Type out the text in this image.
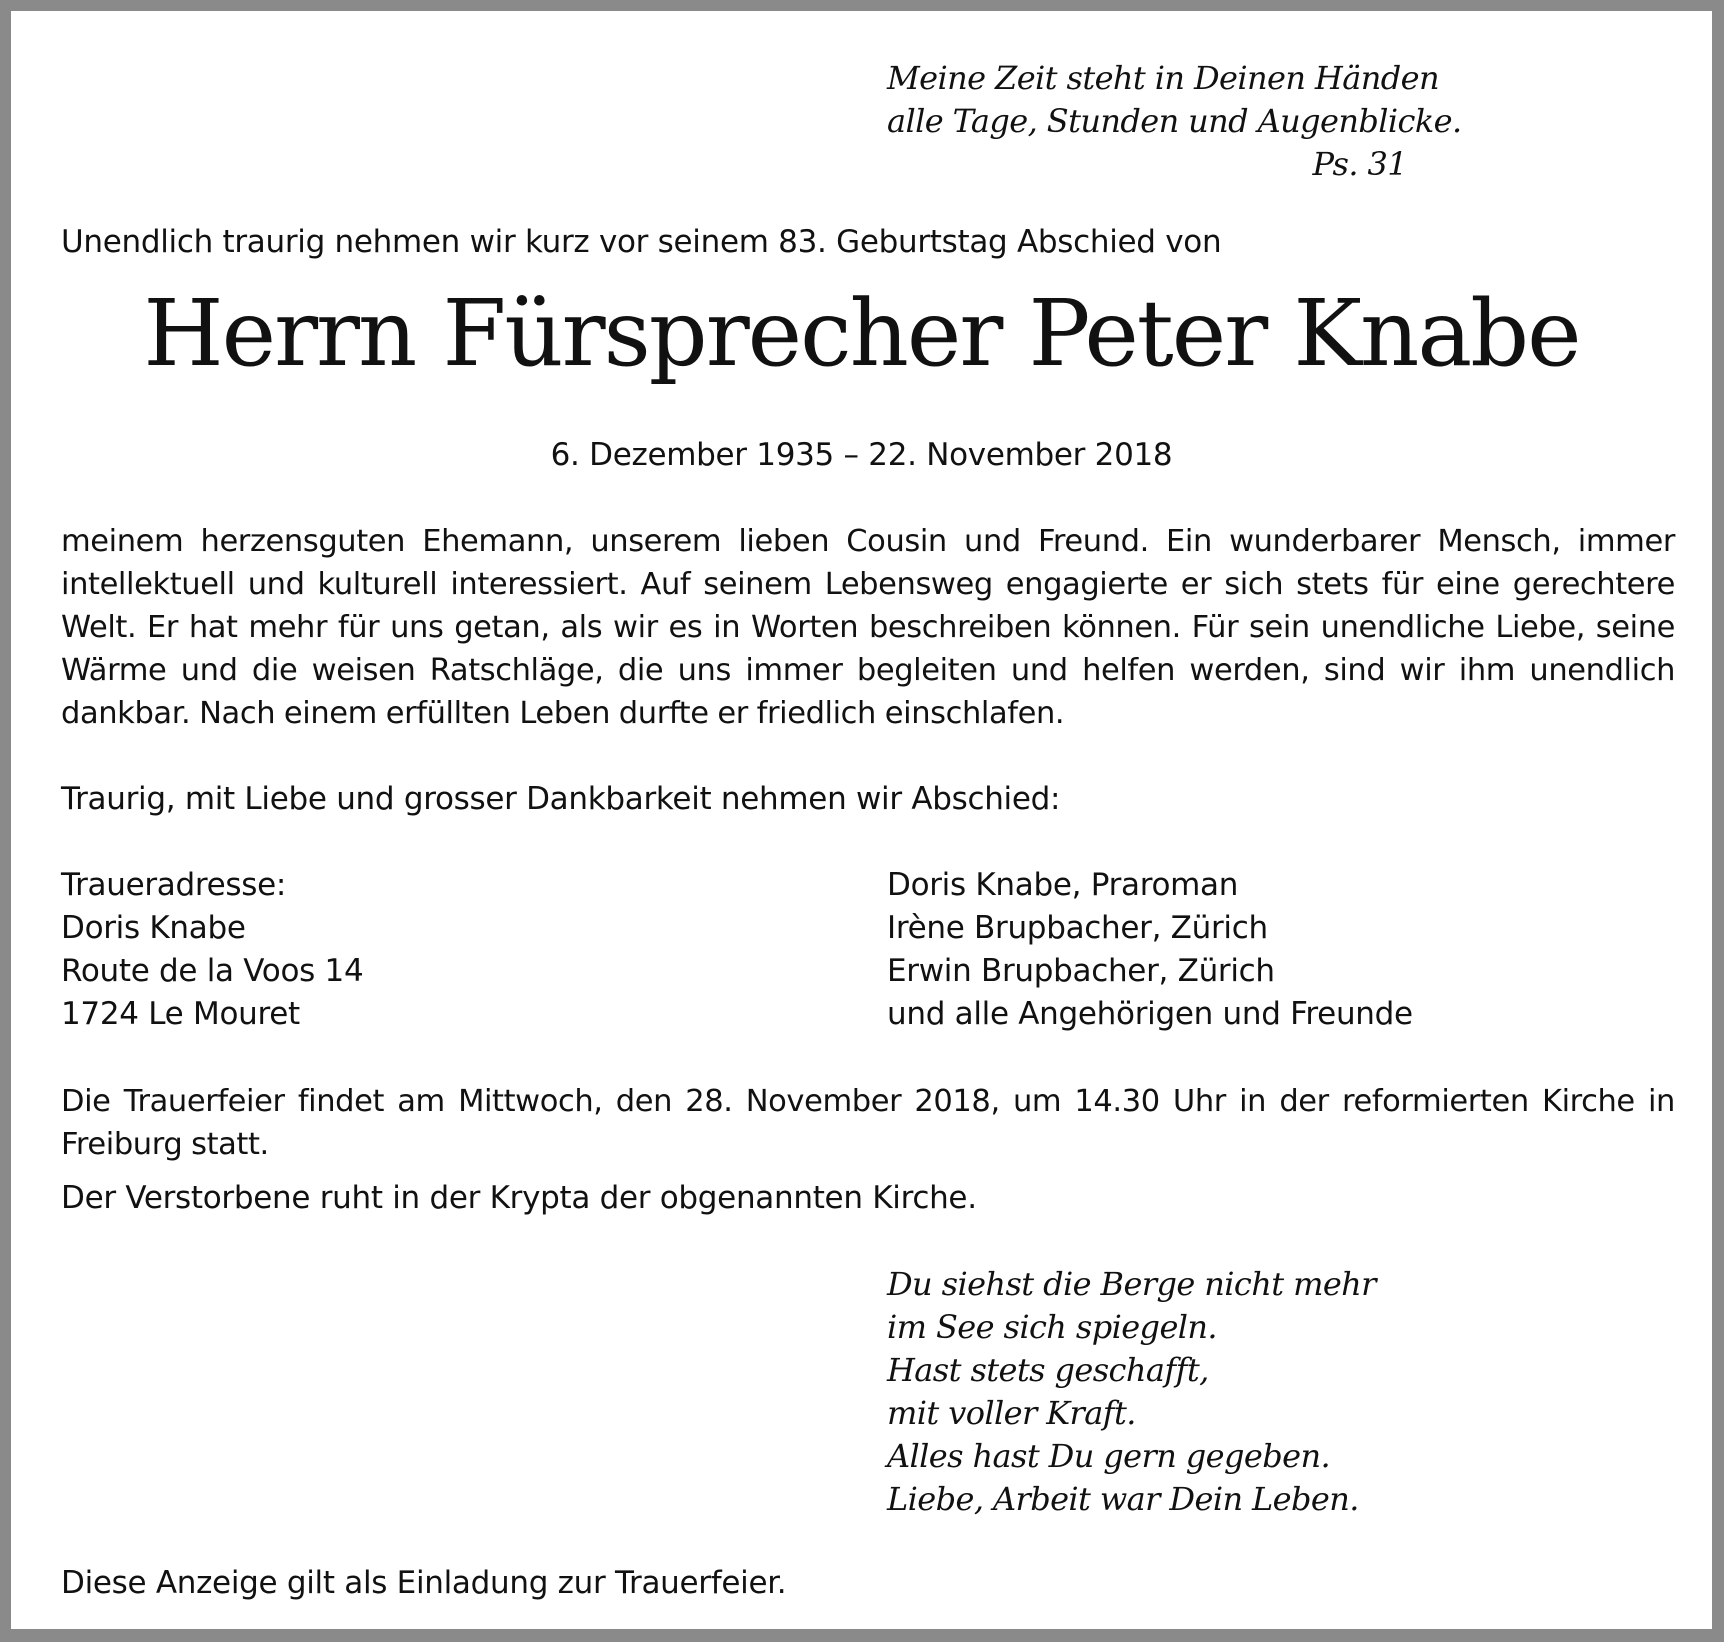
Meine Zeit steht in Deinen Händen
alle Tage, Stunden und Augenblicke.
Ps. 31
Unendlich traurig nehmen wir kurz vor seinem 83. Geburtstag Abschied von
Herrn Fürsprecher Peter Knabe
6. Dezember 1935 – 22. November 2018
meinem herzensguten Ehemann, unserem lieben Cousin und Freund. Ein wunderbarer Mensch, immer intellektuell und kulturell interessiert. Auf seinem Lebensweg engagierte er sich stets für eine gerechtere Welt. Er hat mehr für uns getan, als wir es in Worten beschreiben können. Für sein unendliche Liebe, seine Wärme und die weisen Ratschläge, die uns immer begleiten und helfen werden, sind wir ihm unendlich dankbar. Nach einem erfüllten Leben durfte er friedlich einschlafen.
Traurig, mit Liebe und grosser Dankbarkeit nehmen wir Abschied:
Traueradresse:
Doris Knabe
Route de la Voos 14
1724 Le Mouret
Doris Knabe, Praroman
Irène Brupbacher, Zürich
Erwin Brupbacher, Zürich
und alle Angehörigen und Freunde
Die Trauerfeier findet am Mittwoch, den 28. November 2018, um 14.30 Uhr in der reformierten Kirche in Freiburg statt.
Der Verstorbene ruht in der Krypta der obgenannten Kirche.
Du siehst die Berge nicht mehr
im See sich spiegeln.
Hast stets geschafft,
mit voller Kraft.
Alles hast Du gern gegeben.
Liebe, Arbeit war Dein Leben.
Diese Anzeige gilt als Einladung zur Trauerfeier.
